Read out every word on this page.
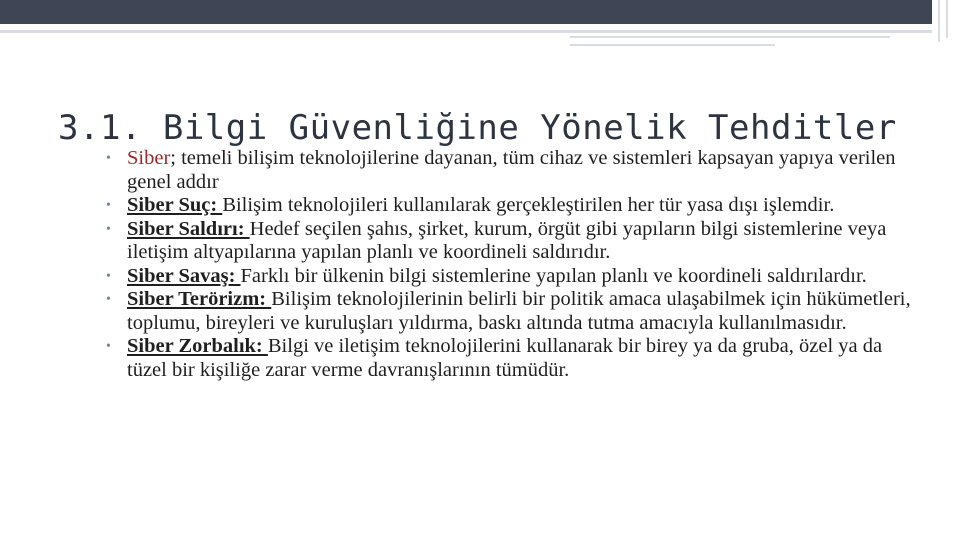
3.1. Bilgi Güvenliğine Yönelik Tehditler
• Siber; temeli bilişim teknolojilerine dayanan, tüm cihaz ve sistemleri kapsayan yapıya verilen genel addır
• Siber Suç: Bilişim teknolojileri kullanılarak gerçekleştirilen her tür yasa dışı işlemdir.
• Siber Saldırı: Hedef seçilen şahıs, şirket, kurum, örgüt gibi yapıların bilgi sistemlerine veya iletişim altyapılarına yapılan planlı ve koordineli saldırıdır.
• Siber Savaş: Farklı bir ülkenin bilgi sistemlerine yapılan planlı ve koordineli saldırılardır.
• Siber Terörizm: Bilişim teknolojilerinin belirli bir politik amaca ulaşabilmek için hükümetleri, toplumu, bireyleri ve kuruluşları yıldırma, baskı altında tutma amacıyla kullanılmasıdır.
• Siber Zorbalık: Bilgi ve iletişim teknolojilerini kullanarak bir birey ya da gruba, özel ya da tüzel bir kişiliğe zarar verme davranışlarının tümüdür.
